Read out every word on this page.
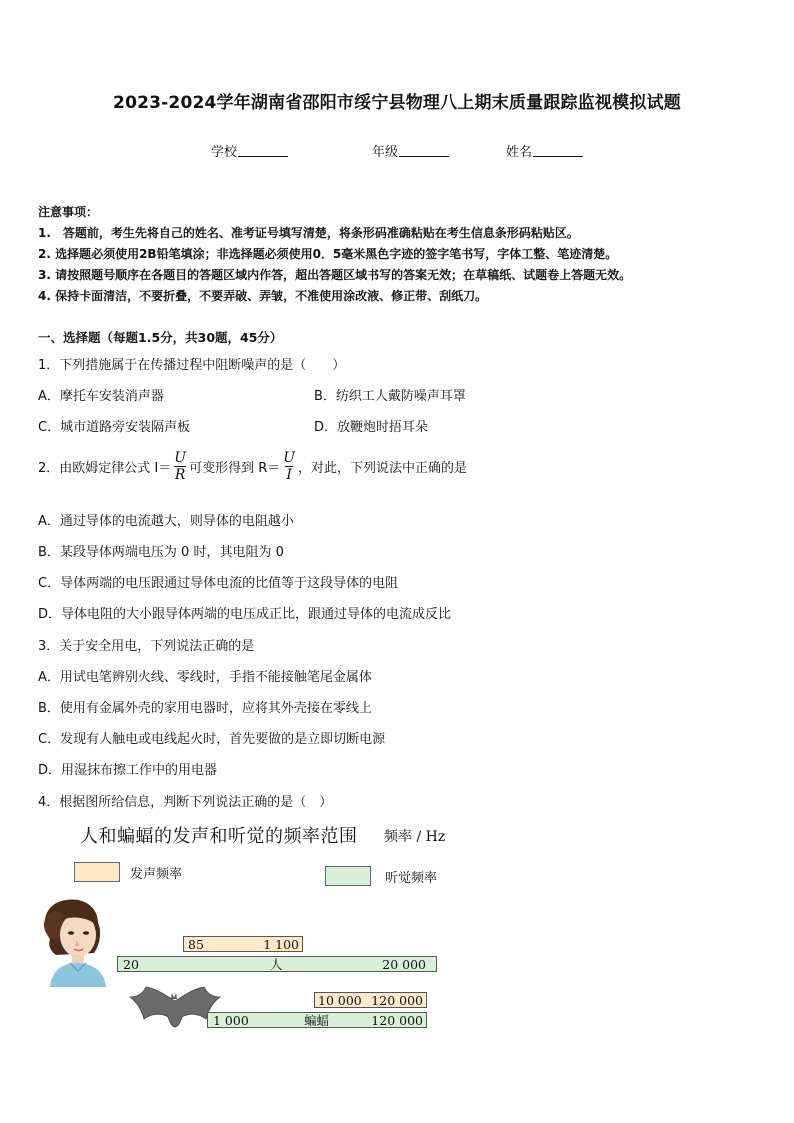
2023-2024学年湖南省邵阳市绥宁县物理八上期末质量跟踪监视模拟试题
学校	年级	姓名
注意事项：
1.　答题前，考生先将自己的姓名、准考证号填写清楚，将条形码准确粘贴在考生信息条形码粘贴区。
2. 选择题必须使用2B铅笔填涂；非选择题必须使用0．5毫米黑色字迹的签字笔书写，字体工整、笔迹清楚。
3. 请按照题号顺序在各题目的答题区域内作答，超出答题区域书写的答案无效；在草稿纸、试题卷上答题无效。
4. 保持卡面清洁，不要折叠，不要弄破、弄皱，不准使用涂改液、修正带、刮纸刀。
一、选择题（每题1.5分，共30题，45分）
1．下列措施属于在传播过程中阻断噪声的是（　　）
A．摩托车安装消声器	B．纺织工人戴防噪声耳罩
C．城市道路旁安装隔声板	D．放鞭炮时捂耳朵
2．由欧姆定律公式 $I= \frac{U}{R}$ 可变形得到 $R= \frac{U}{I}$ ，对此，下列说法中正确的是
A．通过导体的电流越大，则导体的电阻越小
B．某段导体两端电压为 0 时，其电阻为 0
C．导体两端的电压跟通过导体电流的比值等于这段导体的电阻
D．导体电阻的大小跟导体两端的电压成正比，跟通过导体的电流成反比
3．关于安全用电，下列说法正确的是
A．用试电笔辨别火线、零线时，手指不能接触笔尾金属体
B．使用有金属外壳的家用电器时，应将其外壳接在零线上
C．发现有人触电或电线起火时，首先要做的是立即切断电源
D．用湿抹布擦工作中的用电器
4．根据图所给信息，判断下列说法正确的是（　）
人和蝙蝠的发声和听觉的频率范围 频率 / Hz
发声频率	听觉频率
85	1 100
20	人	20 000
10 000 120 000
1 000	蝙蝠	120 000
